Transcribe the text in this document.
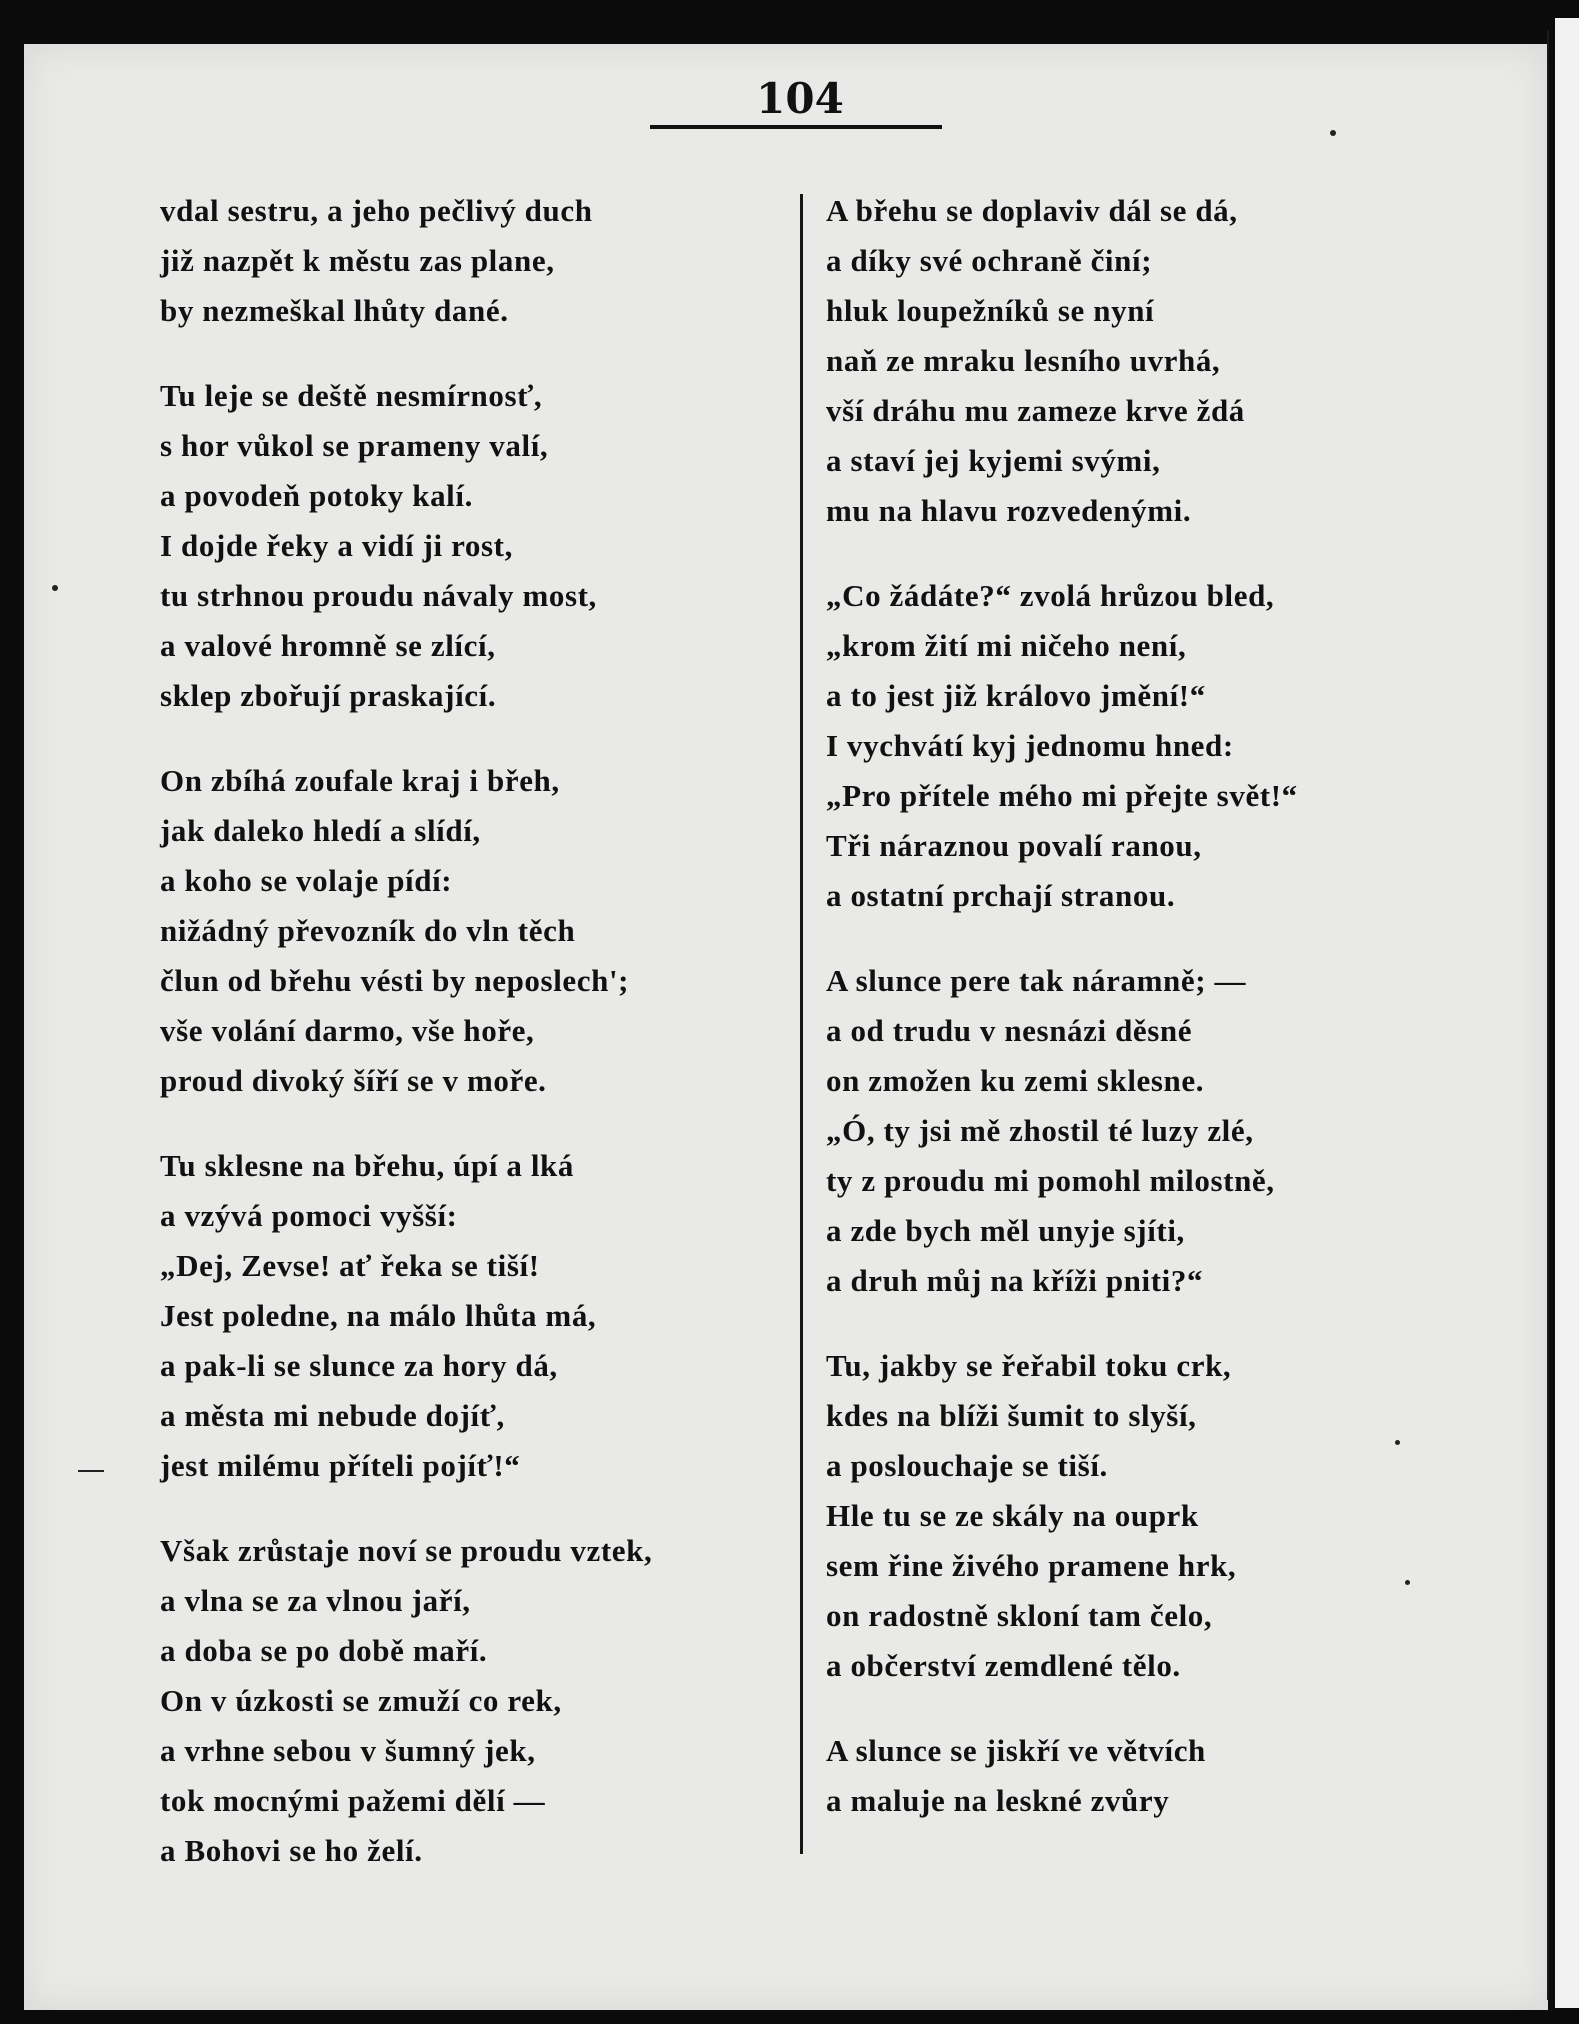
104
vdal sestru, a jeho pečlivý duch
již nazpět k městu zas plane,
by nezmeškal lhůty dané.
Tu leje se deště nesmírnosť,
s hor vůkol se prameny valí,
a povodeň potoky kalí.
I dojde řeky a vidí ji rost,
tu strhnou proudu návaly most,
a valové hromně se zlící,
sklep zbořují praskající.
On zbíhá zoufale kraj i břeh,
jak daleko hledí a slídí,
a koho se volaje pídí:
nižádný převozník do vln těch
člun od břehu vésti by neposlech';
vše volání darmo, vše hoře,
proud divoký šíří se v moře.
Tu sklesne na břehu, úpí a lká
a vzývá pomoci vyšší:
„Dej, Zevse! ať řeka se tiší!
Jest poledne, na málo lhůta má,
a pak-li se slunce za hory dá,
a města mi nebude dojíť,
jest milému příteli pojíť!“
Však zrůstaje noví se proudu vztek,
a vlna se za vlnou jaří,
a doba se po době maří.
On v úzkosti se zmuží co rek,
a vrhne sebou v šumný jek,
tok mocnými pažemi dělí —
a Bohovi se ho želí.
A břehu se doplaviv dál se dá,
a díky své ochraně činí;
hluk loupežníků se nyní
naň ze mraku lesního uvrhá,
vší dráhu mu zameze krve ždá
a staví jej kyjemi svými,
mu na hlavu rozvedenými.
„Co žádáte?“ zvolá hrůzou bled,
„krom žití mi ničeho není,
a to jest již královo jmění!“
I vychvátí kyj jednomu hned:
„Pro přítele mého mi přejte svět!“
Tři náraznou povalí ranou,
a ostatní prchají stranou.
A slunce pere tak náramně; —
a od trudu v nesnázi děsné
on zmožen ku zemi sklesne.
„Ó, ty jsi mě zhostil té luzy zlé,
ty z proudu mi pomohl milostně,
a zde bych měl unyje sjíti,
a druh můj na kříži pniti?“
Tu, jakby se řeřabil toku crk,
kdes na blíži šumit to slyší,
a poslouchaje se tiší.
Hle tu se ze skály na ouprk
sem řine živého pramene hrk,
on radostně skloní tam čelo,
a občerství zemdlené tělo.
A slunce se jiskří ve větvích
a maluje na leskné zvůry
